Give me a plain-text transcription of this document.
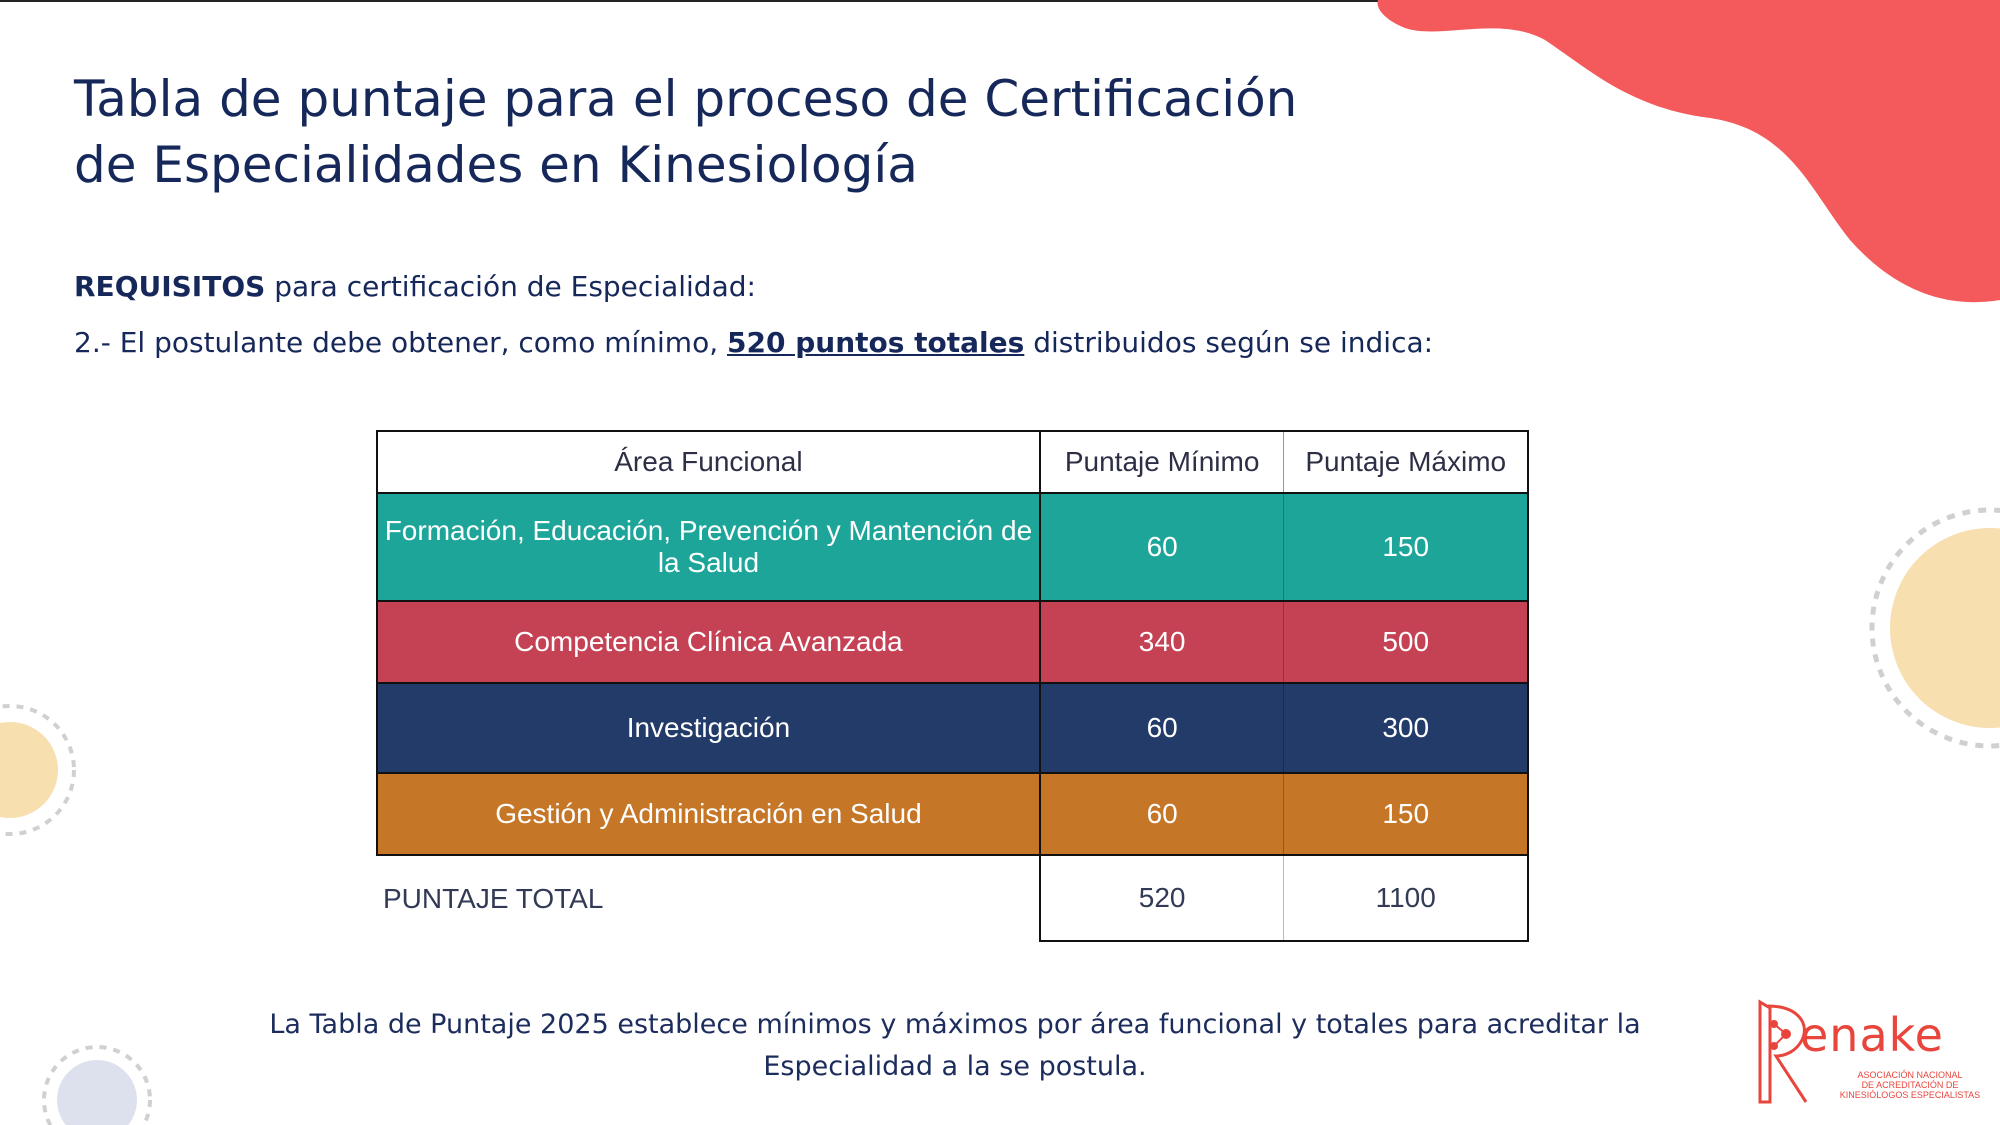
Tabla de puntaje para el proceso de Certificación
de Especialidades en Kinesiología
REQUISITOS para certificación de Especialidad:
2.- El postulante debe obtener, como mínimo, 520 puntos totales distribuidos según se indica:
Área Funcional	Puntaje Mínimo	Puntaje Máximo
Formación, Educación, Prevención y Mantención de la Salud	60	150
Competencia Clínica Avanzada	340	500
Investigación	60	300
Gestión y Administración en Salud	60	150
PUNTAJE TOTAL	520	1100
La Tabla de Puntaje 2025 establece mínimos y máximos por área funcional y totales para acreditar la
Especialidad a la se postula.
enake
ASOCIACIÓN NACIONAL
DE ACREDITACIÓN DE
KINESIÓLOGOS ESPECIALISTAS
